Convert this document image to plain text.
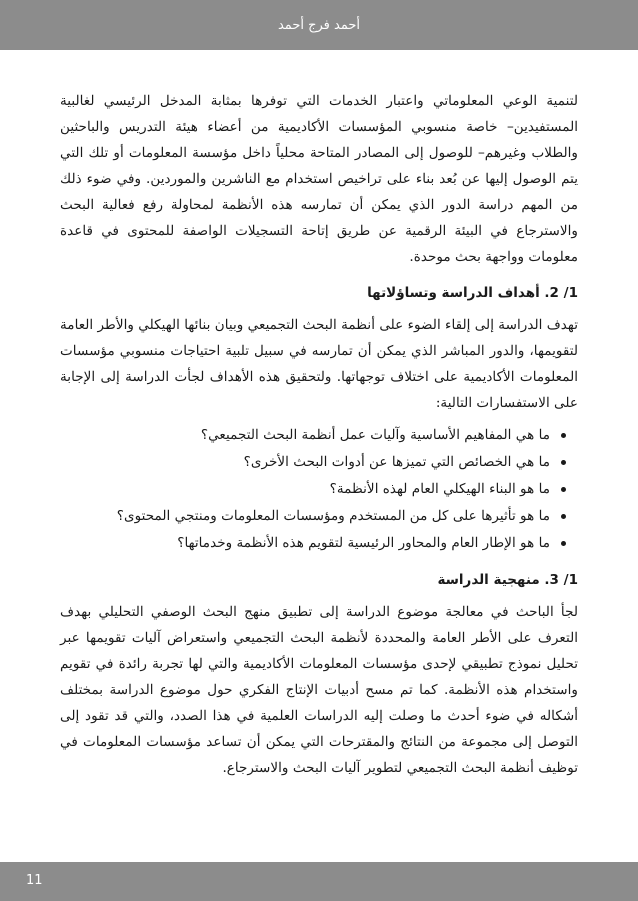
أحمد فرج أحمد

لتنمية الوعي المعلوماتي واعتبار الخدمات التي توفرها بمثابة المدخل الرئيسي لغالبية المستفيدين– خاصة منسوبي المؤسسات الأكاديمية من أعضاء هيئة التدريس والباحثين والطلاب وغيرهم– للوصول إلى المصادر المتاحة محلياً داخل مؤسسة المعلومات أو تلك التي يتم الوصول إليها عن بُعد بناء على تراخيص استخدام مع الناشرين والموردين. وفي ضوء ذلك من المهم دراسة الدور الذي يمكن أن تمارسه هذه الأنظمة لمحاولة رفع فعالية البحث والاسترجاع في البيئة الرقمية عن طريق إتاحة التسجيلات الواصفة للمحتوى في قاعدة معلومات وواجهة بحث موحدة.

1/ 2. أهداف الدراسة وتساؤلاتها

تهدف الدراسة إلى إلقاء الضوء على أنظمة البحث التجميعي وبيان بنائها الهيكلي والأطر العامة لتقويمها، والدور المباشر الذي يمكن أن تمارسه في سبيل تلبية احتياجات منسوبي مؤسسات المعلومات الأكاديمية على اختلاف توجهاتها. ولتحقيق هذه الأهداف لجأت الدراسة إلى الإجابة على الاستفسارات التالية:

ما هي المفاهيم الأساسية وآليات عمل أنظمة البحث التجميعي؟
ما هي الخصائص التي تميزها عن أدوات البحث الأخرى؟
ما هو البناء الهيكلي العام لهذه الأنظمة؟
ما هو تأثيرها على كل من المستخدم ومؤسسات المعلومات ومنتجي المحتوى؟
ما هو الإطار العام والمحاور الرئيسية لتقويم هذه الأنظمة وخدماتها؟
1/ 3. منهجية الدراسة

لجأ الباحث في معالجة موضوع الدراسة إلى تطبيق منهج البحث الوصفي التحليلي بهدف التعرف على الأطر العامة والمحددة لأنظمة البحث التجميعي واستعراض آليات تقويمها عبر تحليل نموذج تطبيقي لإحدى مؤسسات المعلومات الأكاديمية والتي لها تجربة رائدة في تقويم واستخدام هذه الأنظمة. كما تم مسح أدبيات الإنتاج الفكري حول موضوع الدراسة بمختلف أشكاله في ضوء أحدث ما وصلت إليه الدراسات العلمية في هذا الصدد، والتي قد تقود إلى التوصل إلى مجموعة من النتائج والمقترحات التي يمكن أن تساعد مؤسسات المعلومات في توظيف أنظمة البحث التجميعي لتطوير آليات البحث والاسترجاع.

11
